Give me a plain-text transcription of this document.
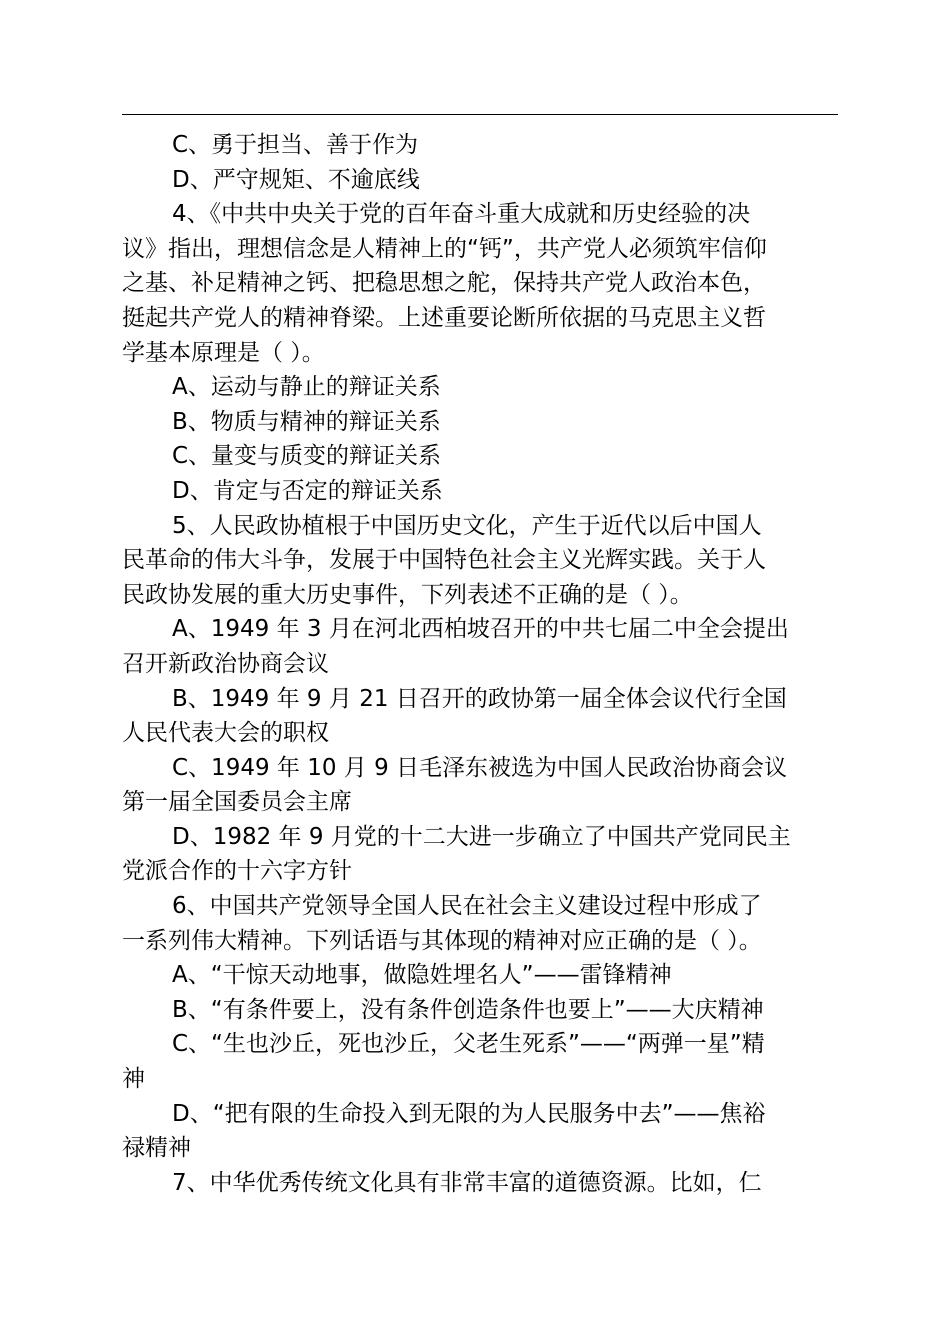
C、勇于担当、善于作为
D、严守规矩、不逾底线
4、《中共中央关于党的百年奋斗重大成就和历史经验的决
议》指出，理想信念是人精神上的“钙”，共产党人必须筑牢信仰
之基、补足精神之钙、把稳思想之舵，保持共产党人政治本色，
挺起共产党人的精神脊梁。上述重要论断所依据的马克思主义哲
学基本原理是（ ）。
A、运动与静止的辩证关系
B、物质与精神的辩证关系
C、量变与质变的辩证关系
D、肯定与否定的辩证关系
5、人民政协植根于中国历史文化，产生于近代以后中国人
民革命的伟大斗争，发展于中国特色社会主义光辉实践。关于人
民政协发展的重大历史事件，下列表述不正确的是（ ）。
A、1949 年 3 月在河北西柏坡召开的中共七届二中全会提出
召开新政治协商会议
B、1949 年 9 月 21 日召开的政协第一届全体会议代行全国
人民代表大会的职权
C、1949 年 10 月 9 日毛泽东被选为中国人民政治协商会议
第一届全国委员会主席
D、1982 年 9 月党的十二大进一步确立了中国共产党同民主
党派合作的十六字方针
6、中国共产党领导全国人民在社会主义建设过程中形成了
一系列伟大精神。下列话语与其体现的精神对应正确的是（ ）。
A、“干惊天动地事，做隐姓埋名人”——雷锋精神
B、“有条件要上，没有条件创造条件也要上”——大庆精神
C、“生也沙丘，死也沙丘，父老生死系”——“两弹一星”精
神
D、“把有限的生命投入到无限的为人民服务中去”——焦裕
禄精神
7、中华优秀传统文化具有非常丰富的道德资源。比如，仁
